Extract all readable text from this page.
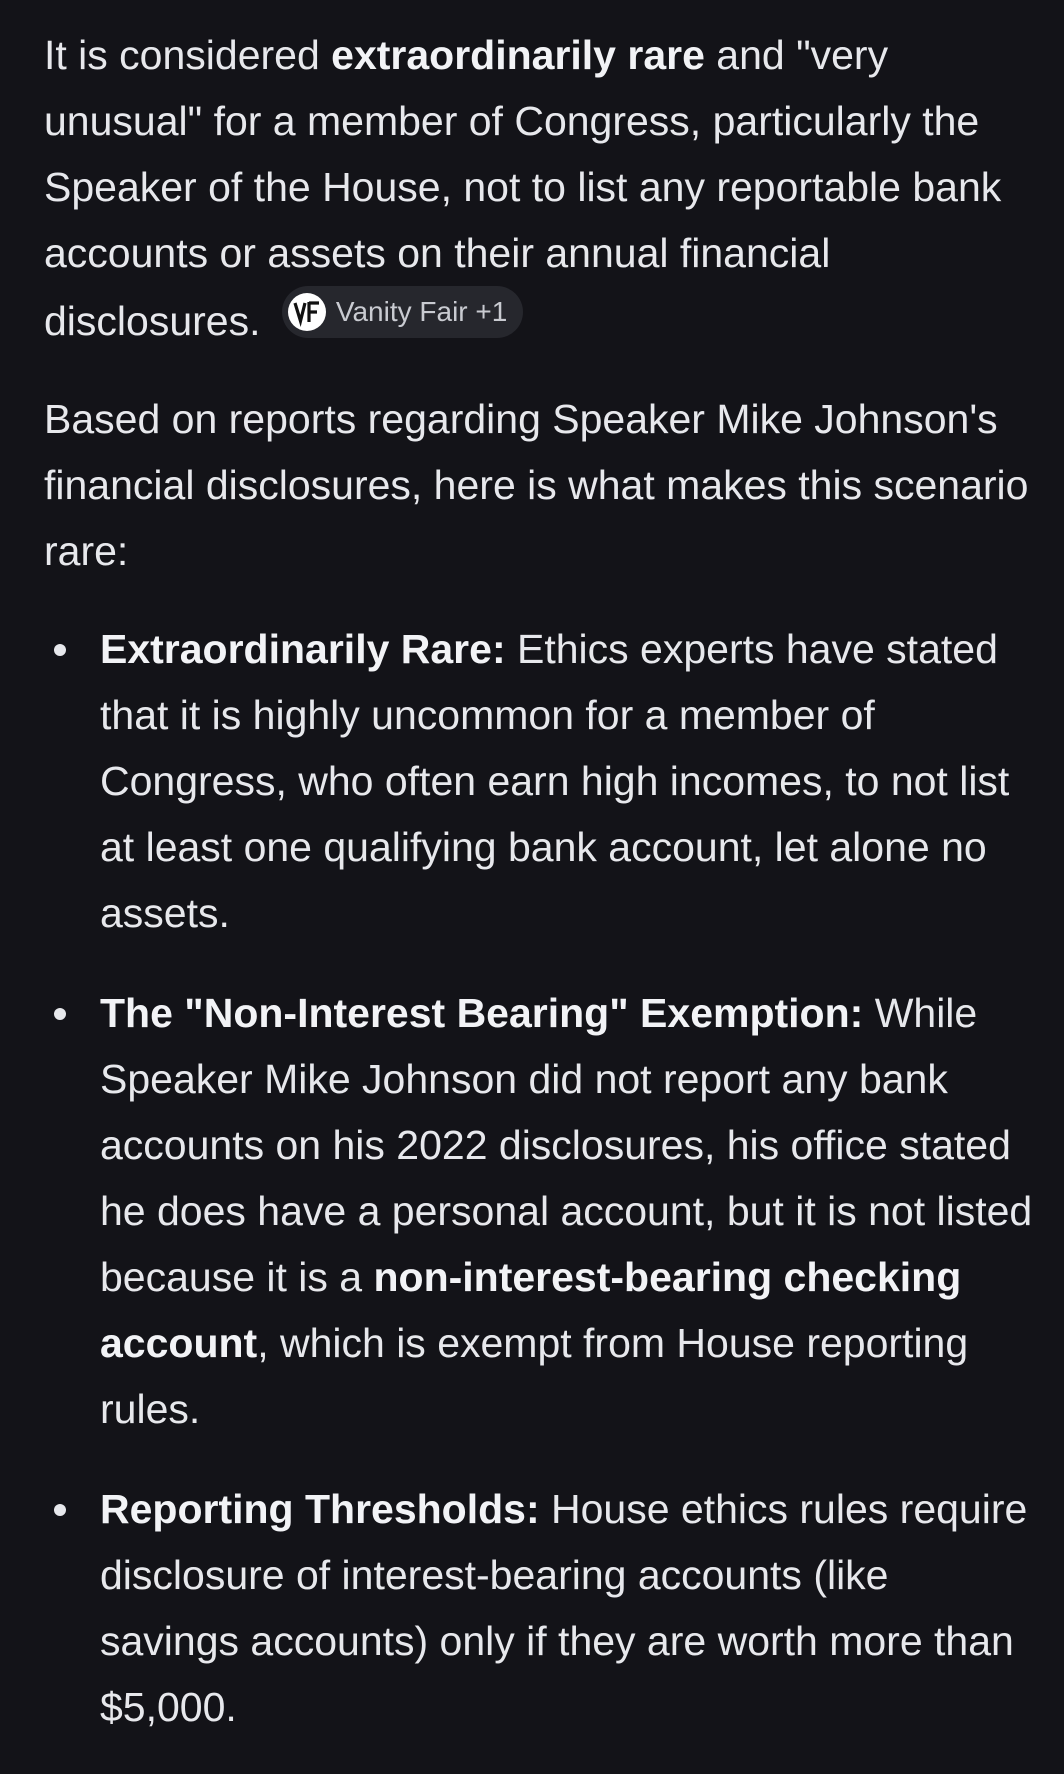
It is considered extraordinarily rare and "very unusual" for a member of Congress, particularly the Speaker of the House, not to list any reportable bank accounts or assets on their annual financial disclosures.	Vanity Fair +1

Based on reports regarding Speaker Mike Johnson's financial disclosures, here is what makes this scenario rare:

Extraordinarily Rare: Ethics experts have stated that it is highly uncommon for a member of Congress, who often earn high incomes, to not list at least one qualifying bank account, let alone no assets.
The "Non-Interest Bearing" Exemption: While Speaker Mike Johnson did not report any bank accounts on his 2022 disclosures, his office stated he does have a personal account, but it is not listed because it is a non-interest-bearing checking account, which is exempt from House reporting rules.
Reporting Thresholds: House ethics rules require disclosure of interest-bearing accounts (like savings accounts) only if they are worth more than $5,000.
